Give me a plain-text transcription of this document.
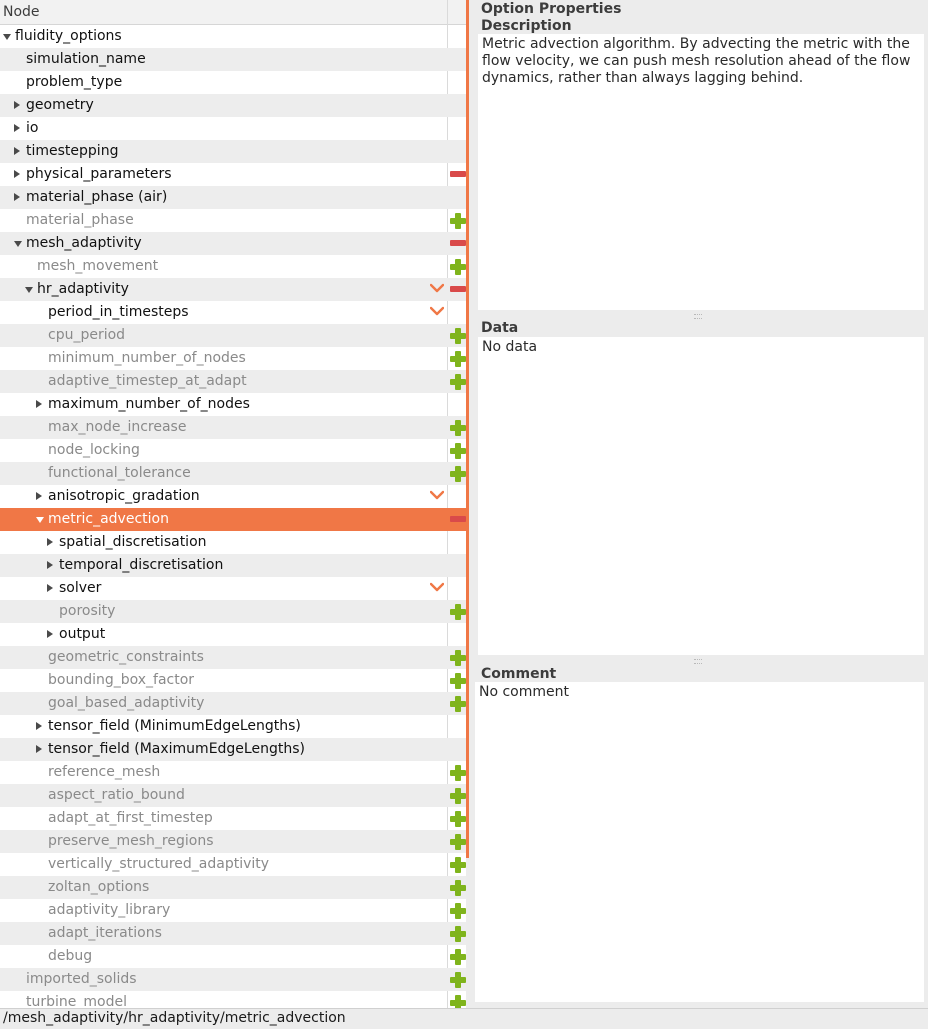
Node
fluidity_options
simulation_name
problem_type
geometry
io
timestepping
physical_parameters
material_phase (air)
material_phase
mesh_adaptivity
mesh_movement
hr_adaptivity
period_in_timesteps
cpu_period
minimum_number_of_nodes
adaptive_timestep_at_adapt
maximum_number_of_nodes
max_node_increase
node_locking
functional_tolerance
anisotropic_gradation
metric_advection
spatial_discretisation
temporal_discretisation
solver
porosity
output
geometric_constraints
bounding_box_factor
goal_based_adaptivity
tensor_field (MinimumEdgeLengths)
tensor_field (MaximumEdgeLengths)
reference_mesh
aspect_ratio_bound
adapt_at_first_timestep
preserve_mesh_regions
vertically_structured_adaptivity
zoltan_options
adaptivity_library
adapt_iterations
debug
imported_solids
turbine_model
Option Properties
Description
Metric advection algorithm. By advecting the metric with the flow velocity, we can push mesh resolution ahead of the flow dynamics, rather than always lagging behind.
Data
No data
Comment
No comment
/mesh_adaptivity/hr_adaptivity/metric_advection
